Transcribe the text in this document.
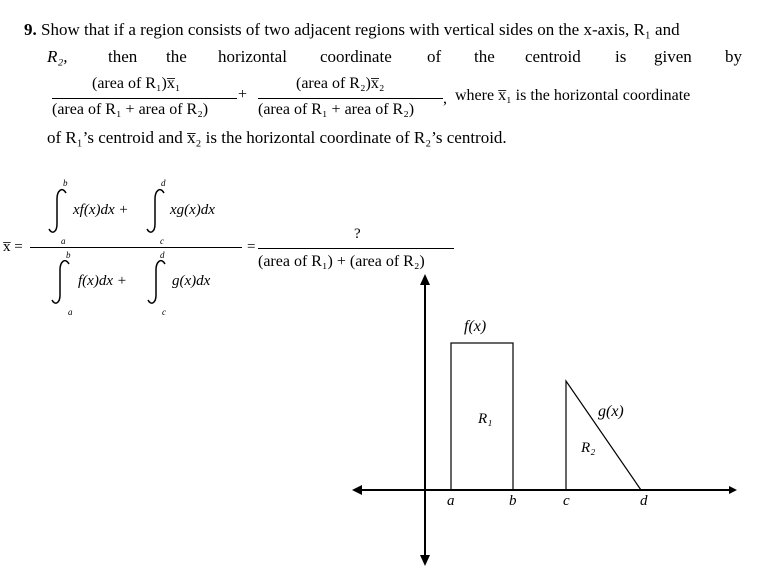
9. Show that if a region consists of two adjacent regions with vertical sides on the x-axis, R₁ and
R₂, then the horizontal coordinate of the centroid is given by
(area of R₁)x̅₁
(area of R₁ + area of R₂)
+
(area of R₂)x̅₂
(area of R₁ + area of R₂)
, where x̅₁ is the horizontal coordinate
of R₁’s centroid and x̅₂ is the horizontal coordinate of R₂’s centroid.
x̅ =
b	d
xf(x)dx +	xg(x)dx
a	c
b	d
f(x)dx +	g(x)dx
a	c
=
?
(area of R₁) + (area of R₂)
f(x)
g(x)
R₁
R₂
a	b	c	d
